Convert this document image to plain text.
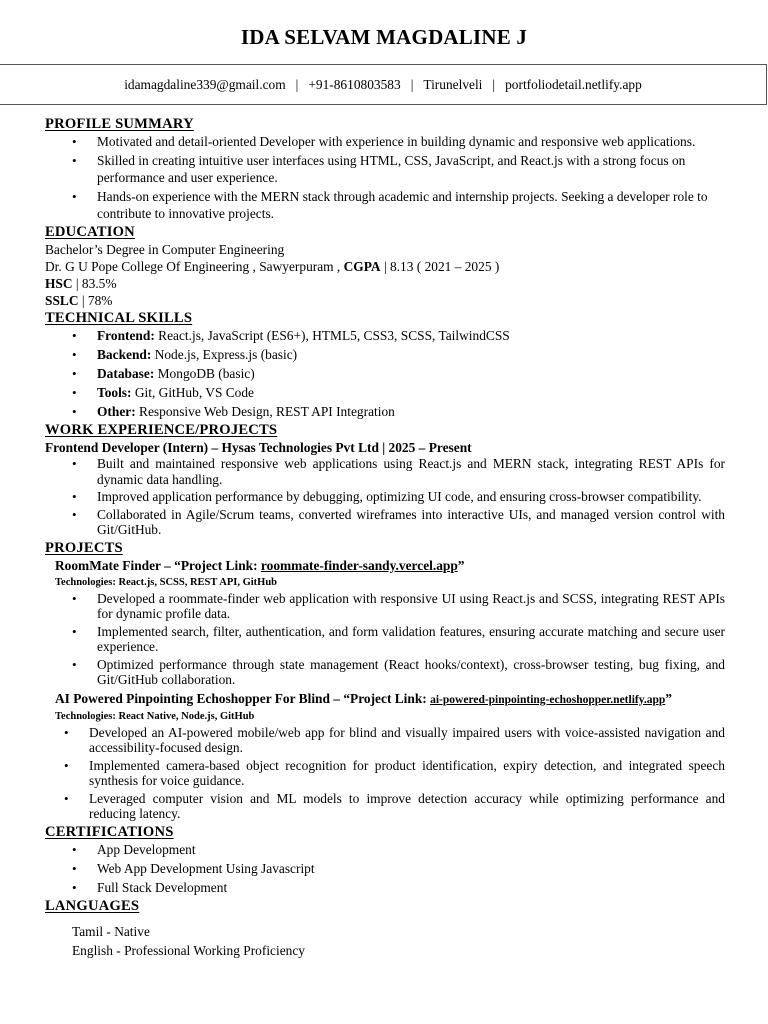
IDA SELVAM MAGDALINE J
idamagdaline339@gmail.com | +91-8610803583 | Tirunelveli | portfoliodetail.netlify.app
PROFILE SUMMARY
• Motivated and detail-oriented Developer with experience in building dynamic and responsive web applications.
• Skilled in creating intuitive user interfaces using HTML, CSS, JavaScript, and React.js with a strong focus on performance and user experience.
• Hands-on experience with the MERN stack through academic and internship projects. Seeking a developer role to contribute to innovative projects.
EDUCATION
Bachelor’s Degree in Computer Engineering
Dr. G U Pope College Of Engineering , Sawyerpuram , CGPA | 8.13 ( 2021 – 2025 )
HSC | 83.5%
SSLC | 78%
TECHNICAL SKILLS
• Frontend: React.js, JavaScript (ES6+), HTML5, CSS3, SCSS, TailwindCSS
• Backend: Node.js, Express.js (basic)
• Database: MongoDB (basic)
• Tools: Git, GitHub, VS Code
• Other: Responsive Web Design, REST API Integration
WORK EXPERIENCE/PROJECTS
Frontend Developer (Intern) – Hysas Technologies Pvt Ltd | 2025 – Present
• Built and maintained responsive web applications using React.js and MERN stack, integrating REST APIs for dynamic data handling.
• Improved application performance by debugging, optimizing UI code, and ensuring cross-browser compatibility.
• Collaborated in Agile/Scrum teams, converted wireframes into interactive UIs, and managed version control with Git/GitHub.
PROJECTS
RoomMate Finder – “Project Link: roommate-finder-sandy.vercel.app”
Technologies: React.js, SCSS, REST API, GitHub
• Developed a roommate-finder web application with responsive UI using React.js and SCSS, integrating REST APIs for dynamic profile data.
• Implemented search, filter, authentication, and form validation features, ensuring accurate matching and secure user experience.
• Optimized performance through state management (React hooks/context), cross-browser testing, bug fixing, and Git/GitHub collaboration.
AI Powered Pinpointing Echoshopper For Blind – “Project Link: ai-powered-pinpointing-echoshopper.netlify.app”
Technologies: React Native, Node.js, GitHub
• Developed an AI-powered mobile/web app for blind and visually impaired users with voice-assisted navigation and accessibility-focused design.
• Implemented camera-based object recognition for product identification, expiry detection, and integrated speech synthesis for voice guidance.
• Leveraged computer vision and ML models to improve detection accuracy while optimizing performance and reducing latency.
CERTIFICATIONS
• App Development
• Web App Development Using Javascript
• Full Stack Development
LANGUAGES
Tamil - Native
English - Professional Working Proficiency
